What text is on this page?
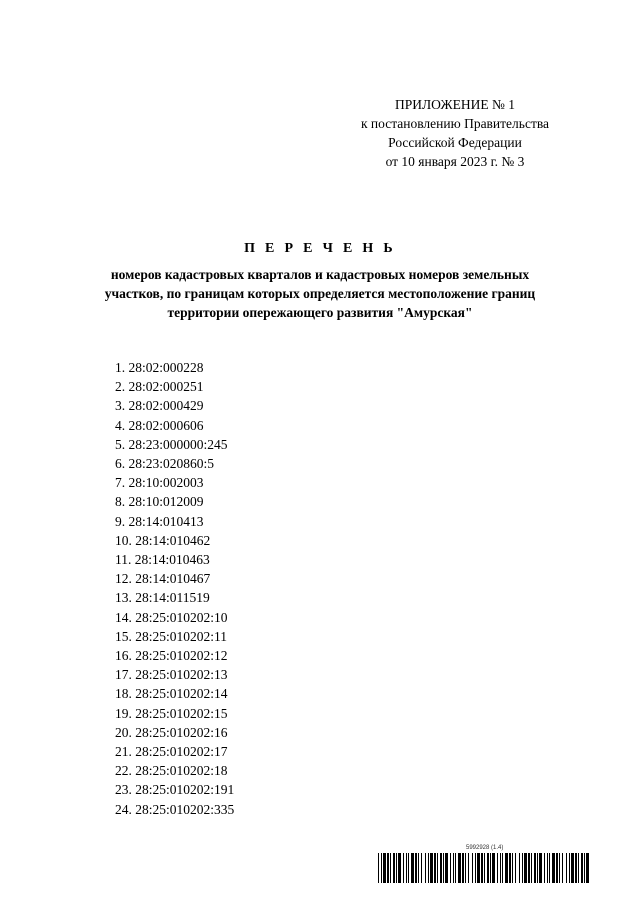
ПРИЛОЖЕНИЕ № 1
к постановлению Правительства
Российской Федерации
от 10 января 2023 г. № 3
П Е Р Е Ч Е Н Ь
номеров кадастровых кварталов и кадастровых номеров земельных
участков, по границам которых определяется местоположение границ
территории опережающего развития "Амурская"
1. 28:02:000228
2. 28:02:000251
3. 28:02:000429
4. 28:02:000606
5. 28:23:000000:245
6. 28:23:020860:5
7. 28:10:002003
8. 28:10:012009
9. 28:14:010413
10. 28:14:010462
11. 28:14:010463
12. 28:14:010467
13. 28:14:011519
14. 28:25:010202:10
15. 28:25:010202:11
16. 28:25:010202:12
17. 28:25:010202:13
18. 28:25:010202:14
19. 28:25:010202:15
20. 28:25:010202:16
21. 28:25:010202:17
22. 28:25:010202:18
23. 28:25:010202:191
24. 28:25:010202:335
5992928 (1.4)
